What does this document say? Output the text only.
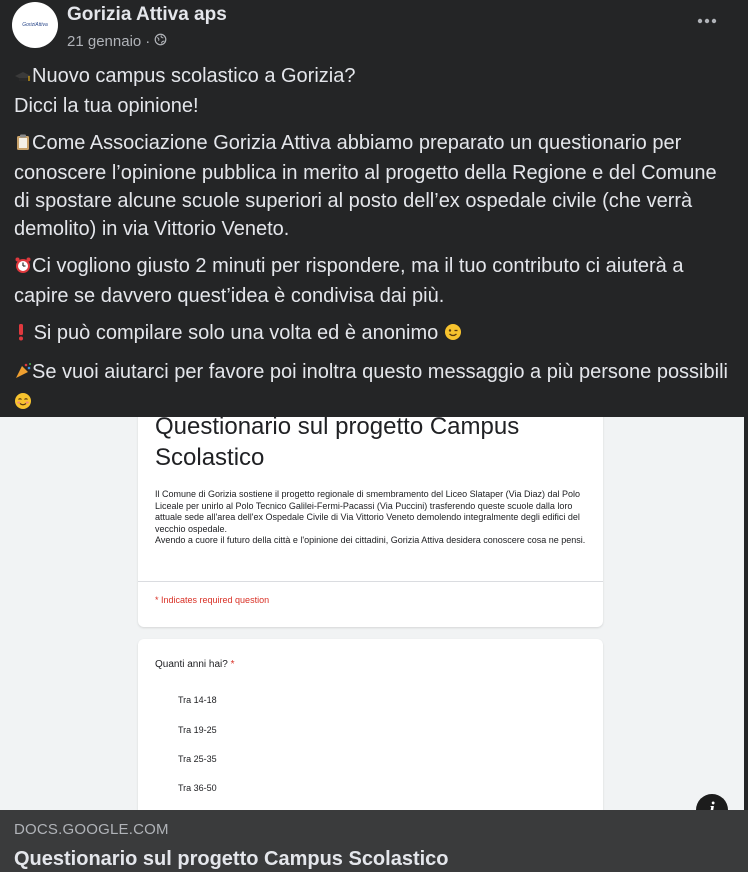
GoriziAttiva Gorizia Attiva aps
21 gennaio ·

Nuovo campus scolastico a Gorizia?
Dicci la tua opinione!

Come Associazione Gorizia Attiva abbiamo preparato un questionario per conoscere l’opinione pubblica in merito al progetto della Regione e del Comune di spostare alcune scuole superiori al posto dell’ex ospedale civile (che verrà demolito) in via Vittorio Veneto.

Ci vogliono giusto 2 minuti per rispondere, ma il tuo contributo ci aiuterà a capire se davvero quest’idea è condivisa dai più.

Si può compilare solo una volta ed è anonimo

Se vuoi aiutarci per favore poi inoltra questo messaggio a più persone possibili

Questionario sul progetto Campus Scolastico

Il Comune di Gorizia sostiene il progetto regionale di smembramento del Liceo Slataper (Via Diaz) dal Polo Liceale per unirlo al Polo Tecnico Galilei-Fermi-Pacassi (Via Puccini) trasferendo queste scuole dalla loro attuale sede all'area dell'ex Ospedale Civile di Via Vittorio Veneto demolendo integralmente degli edifici del vecchio ospedale.

Avendo a cuore il futuro della città e l'opinione dei cittadini, Gorizia Attiva desidera conoscere cosa ne pensi.

* Indicates required question
Quanti anni hai? *
Tra 14-18
Tra 19-25
Tra 25-35
Tra 36-50
DOCS.GOOGLE.COM
Questionario sul progetto Campus Scolastico
